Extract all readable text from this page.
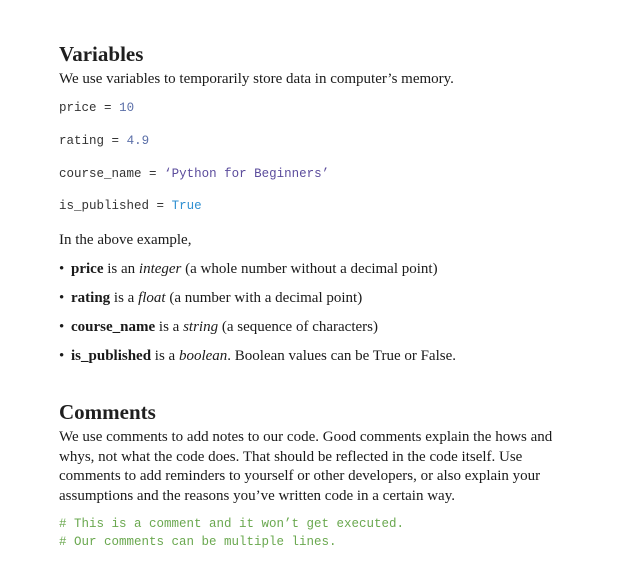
Variables

We use variables to temporarily store data in computer’s memory.

price = 10
rating = 4.9
course_name = ‘Python for Beginners’
is_published = True

In the above example,

• price is an integer (a whole number without a decimal point)
• rating is a float (a number with a decimal point)
• course_name is a string (a sequence of characters)
• is_published is a boolean. Boolean values can be True or False.
Comments

We use comments to add notes to our code. Good comments explain the hows and whys, not what the code does. That should be reflected in the code itself. Use comments to add reminders to yourself or other developers, or also explain your assumptions and the reasons you’ve written code in a certain way.

# This is a comment and it won’t get executed.
# Our comments can be multiple lines.
